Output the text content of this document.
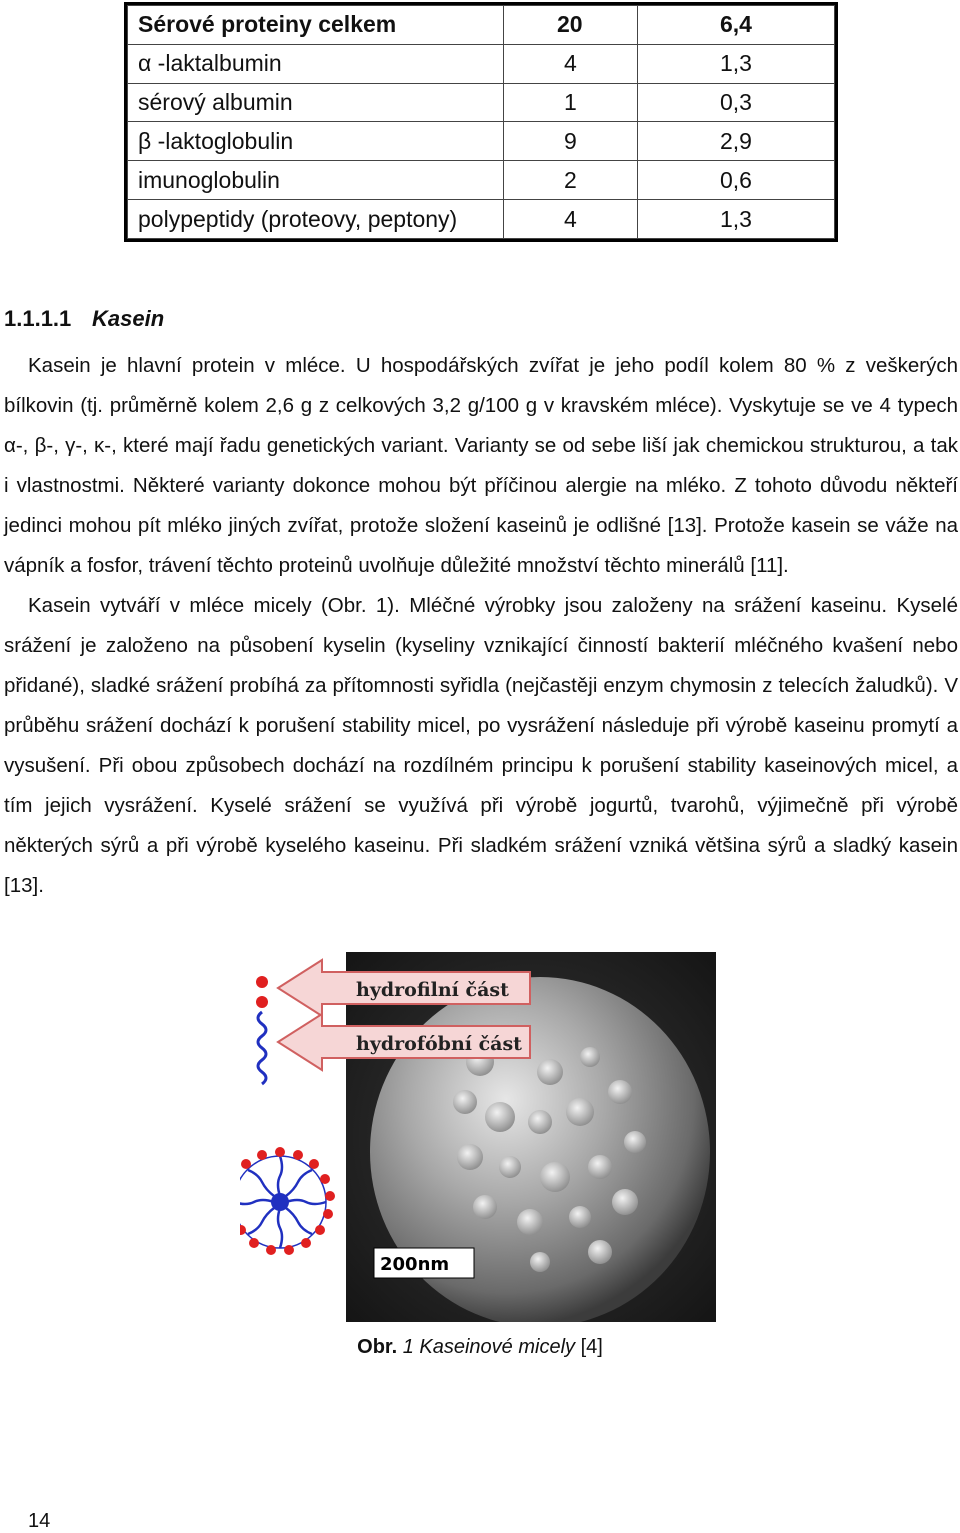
Sérové proteiny celkem	20	6,4
α -laktalbumin	4	1,3
sérový albumin	1	0,3
β -laktoglobulin	9	2,9
imunoglobulin	2	0,6
polypeptidy (proteovy, peptony)	4	1,3
1.1.1.1 Kasein

Kasein je hlavní protein v mléce. U hospodářských zvířat je jeho podíl kolem 80 % z veškerých bílkovin (tj. průměrně kolem 2,6 g z celkových 3,2 g/100 g v kravském mléce). Vyskytuje se ve 4 typech α-, β-, γ-, κ-, které mají řadu genetických variant. Varianty se od sebe liší jak chemickou strukturou, a tak i vlastnostmi. Některé varianty dokonce mohou být příčinou alergie na mléko. Z tohoto důvodu někteří jedinci mohou pít mléko jiných zvířat, protože složení kaseinů je odlišné [13]. Protože kasein se váže na vápník a fosfor, trávení těchto proteinů uvolňuje důležité množství těchto minerálů [11].

Kasein vytváří v mléce micely (Obr. 1). Mléčné výrobky jsou založeny na srážení kaseinu. Kyselé srážení je založeno na působení kyselin (kyseliny vznikající činností bakterií mléčného kvašení nebo přidané), sladké srážení probíhá za přítomnosti syřidla (nejčastěji enzym chymosin z telecích žaludků). V průběhu srážení dochází k porušení stability micel, po vysrážení následuje při výrobě kaseinu promytí a vysušení. Při obou způsobech dochází na rozdílném principu k porušení stability kaseinových micel, a tím jejich vysrážení. Kyselé srážení se využívá při výrobě jogurtů, tvarohů, výjimečně při výrobě některých sýrů a při výrobě kyselého kaseinu. Při sladkém srážení vzniká většina sýrů a sladký kasein [13].

hydrofilní část
hydrofóbní část
200nm

Obr. 1 Kaseinové micely [4]

14
